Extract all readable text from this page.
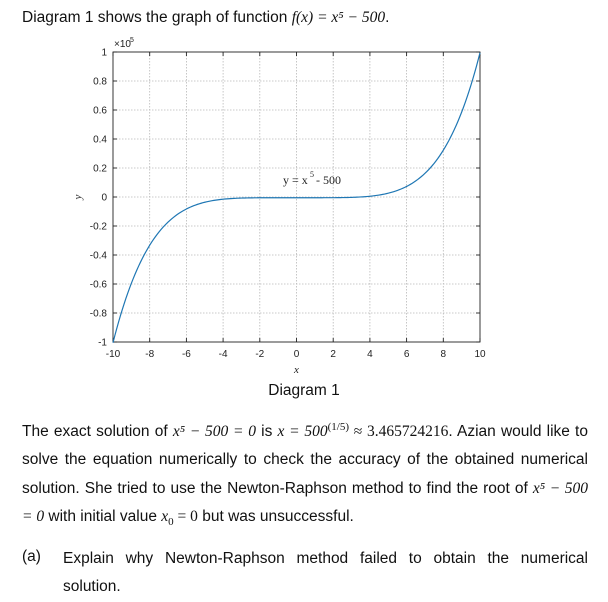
Diagram 1 shows the graph of function f(x) = x⁵ − 500.
-10	-8	-6	-4	-2	0	2	4	6	8	10
1
0.8
0.6
0.4
0.2
0
-0.2
-0.4
-0.6
-0.8
-1
×10 5
x
y
y = x 5 - 500
Diagram 1
The exact solution of x⁵ − 500 = 0 is $x = 500^{(1/5)} \approx 3.465724216$. Azian would like to solve the equation numerically to check the accuracy of the obtained numerical solution. She tried to use the Newton-Raphson method to find the root of x⁵ − 500 = 0 with initial value $x_0 = 0$ but was unsuccessful.
(a) Explain why Newton-Raphson method failed to obtain the numerical solution.
